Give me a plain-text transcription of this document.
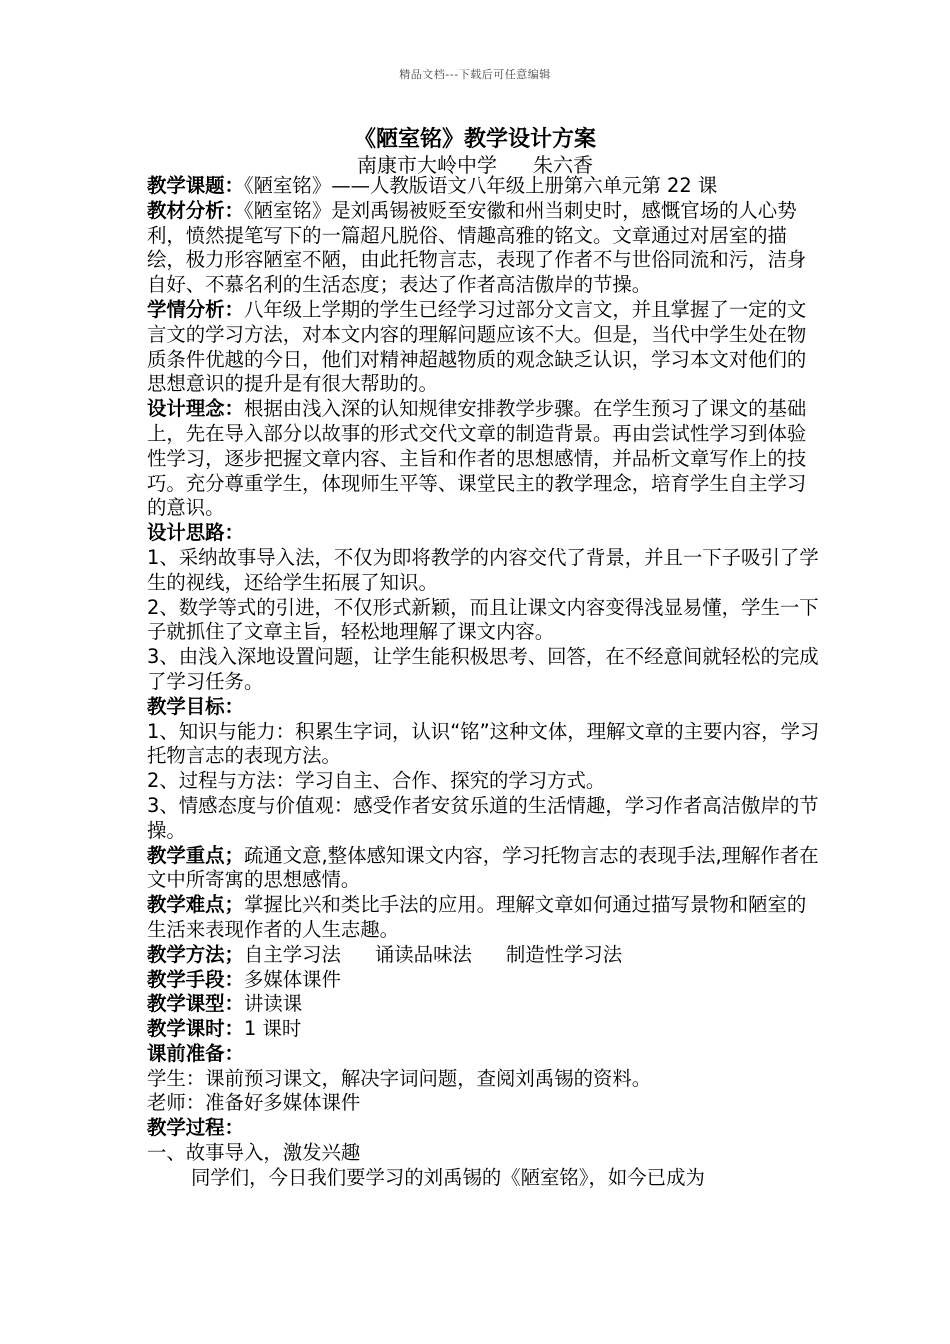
精品文档---下载后可任意编辑
《陋室铭》教学设计方案
南康市大岭中学 朱六香

教学课题：《陋室铭》——人教版语文八年级上册第六单元第 22 课

教材分析：《陋室铭》是刘禹锡被贬至安徽和州当刺史时，感慨官场的人心势利，愤然提笔写下的一篇超凡脱俗、情趣高雅的铭文。文章通过对居室的描绘，极力形容陋室不陋，由此托物言志，表现了作者不与世俗同流和污，洁身自好、不慕名利的生活态度；表达了作者高洁傲岸的节操。

学情分析：八年级上学期的学生已经学习过部分文言文，并且掌握了一定的文言文的学习方法，对本文内容的理解问题应该不大。但是，当代中学生处在物质条件优越的今日，他们对精神超越物质的观念缺乏认识，学习本文对他们的思想意识的提升是有很大帮助的。

设计理念：根据由浅入深的认知规律安排教学步骤。在学生预习了课文的基础上，先在导入部分以故事的形式交代文章的制造背景。再由尝试性学习到体验性学习，逐步把握文章内容、主旨和作者的思想感情，并品析文章写作上的技巧。充分尊重学生，体现师生平等、课堂民主的教学理念，培育学生自主学习的意识。

设计思路：

1、采纳故事导入法，不仅为即将教学的内容交代了背景，并且一下子吸引了学生的视线，还给学生拓展了知识。

2、数学等式的引进，不仅形式新颖，而且让课文内容变得浅显易懂，学生一下子就抓住了文章主旨，轻松地理解了课文内容。

3、由浅入深地设置问题，让学生能积极思考、回答，在不经意间就轻松的完成了学习任务。

教学目标：

1、知识与能力：积累生字词，认识“铭”这种文体，理解文章的主要内容，学习托物言志的表现方法。

2、过程与方法：学习自主、合作、探究的学习方式。

3、情感态度与价值观：感受作者安贫乐道的生活情趣，学习作者高洁傲岸的节操。

教学重点；疏通文意,整体感知课文内容，学习托物言志的表现手法,理解作者在文中所寄寓的思想感情。

教学难点；掌握比兴和类比手法的应用。理解文章如何通过描写景物和陋室的生活来表现作者的人生志趣。

教学方法；自主学习法 诵读品味法 制造性学习法

教学手段：多媒体课件

教学课型：讲读课

教学课时：1 课时

课前准备：

学生：课前预习课文，解决字词问题，查阅刘禹锡的资料。

老师：准备好多媒体课件

教学过程：

一、故事导入，激发兴趣

同学们，今日我们要学习的刘禹锡的《陋室铭》，如今已成为
